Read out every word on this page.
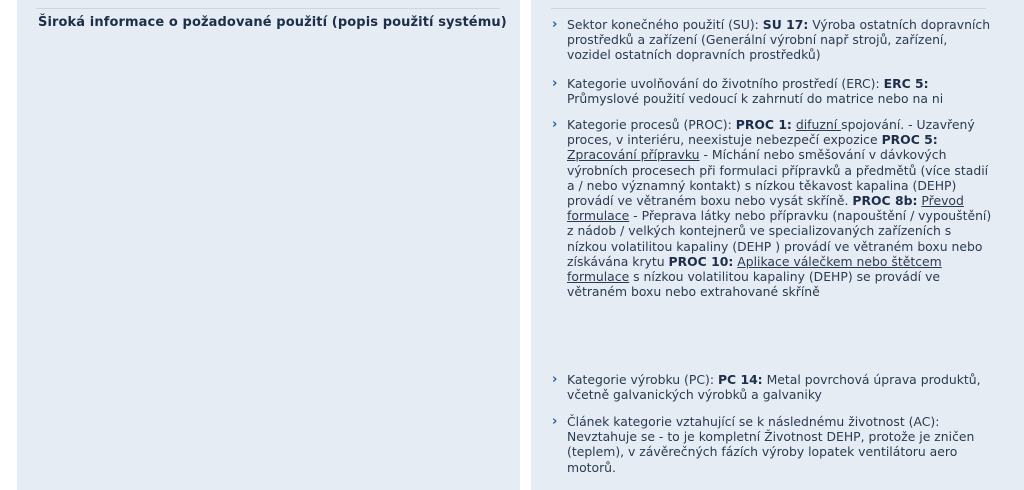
Široká informace o požadované použití (popis použití systému)	› Sektor konečného použití (SU): SU 17: Výroba ostatních dopravních prostředků a zařízení (Generální výrobní např strojů, zařízení, vozidel ostatních dopravních prostředků)
› Kategorie uvolňování do životního prostředí (ERC): ERC 5: Průmyslové použití vedoucí k zahrnutí do matrice nebo na ni
› Kategorie procesů (PROC): PROC 1: difuzní spojování. - Uzavřený proces, v interiéru, neexistuje nebezpečí expozice PROC 5: Zpracování přípravku - Míchání nebo směšování v dávkových výrobních procesech při formulaci přípravků a předmětů (více stadií a / nebo významný kontakt) s nízkou těkavost kapalina (DEHP) provádí ve větraném boxu nebo vysát skříně. PROC 8b: Převod formulace - Přeprava látky nebo přípravku (napouštění / vypouštění) z nádob / velkých kontejnerů ve specializovaných zařízeních s nízkou volatilitou kapaliny (DEHP ) provádí ve větraném boxu nebo získávána krytu PROC 10: Aplikace válečkem nebo štětcem formulace s nízkou volatilitou kapaliny (DEHP) se provádí ve větraném boxu nebo extrahované skříně
› Kategorie výrobku (PC): PC 14: Metal povrchová úprava produktů, včetně galvanických výrobků a galvaniky
› Článek kategorie vztahující se k následnému životnost (AC): Nevztahuje se - to je kompletní Životnost DEHP, protože je zničen (teplem), v závěrečných fázích výroby lopatek ventilátoru aero motorů.
